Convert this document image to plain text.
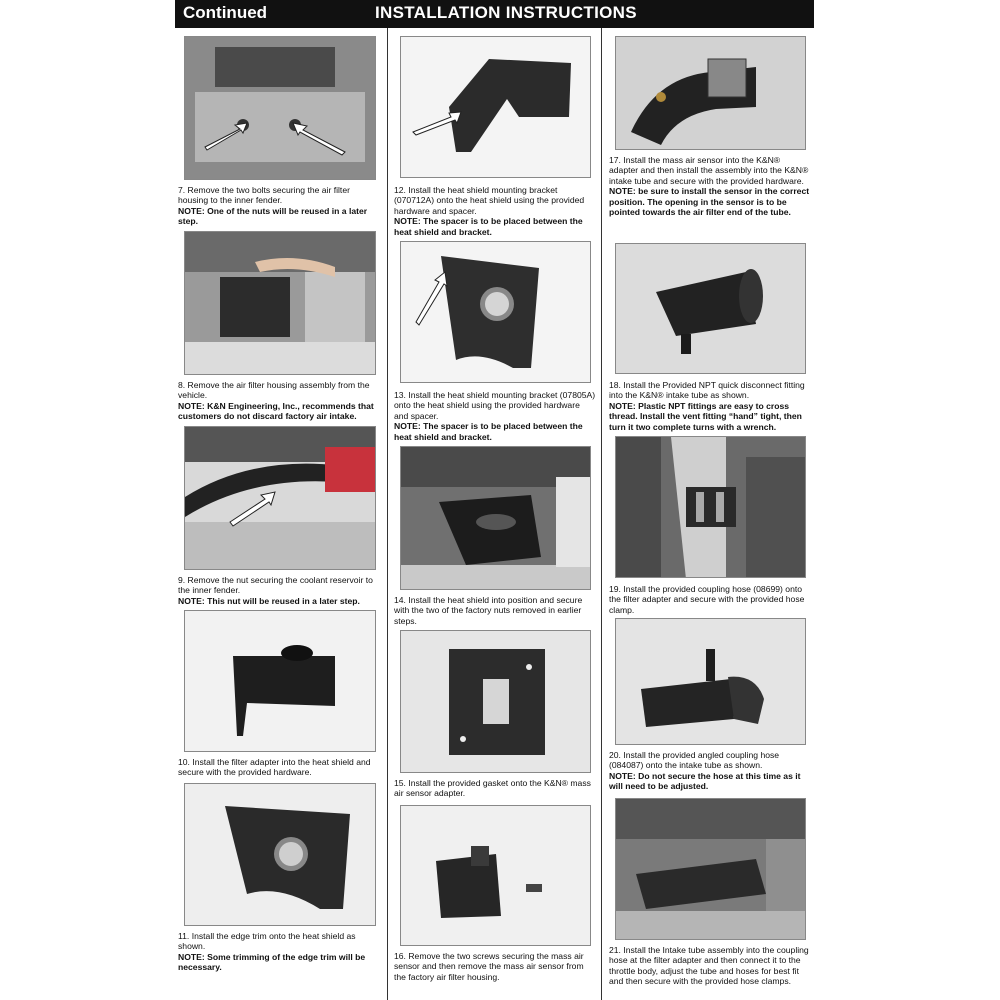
Continued	INSTALLATION INSTRUCTIONS
7. Remove the two bolts securing the air filter housing to the inner fender.
NOTE: One of the nuts will be reused in a later step.
8. Remove the air filter housing assembly from the vehicle.
NOTE: K&N Engineering, Inc., recommends that customers do not discard factory air intake.
9. Remove the nut securing the coolant reservoir to the inner fender.
NOTE: This nut will be reused in a later step.
10. Install the filter adapter into the heat shield and secure with the provided hardware.
11. Install the edge trim onto the heat shield as shown.
NOTE: Some trimming of the edge trim will be necessary.
12. Install the heat shield mounting bracket (070712A) onto the heat shield using the provided hardware and spacer.
NOTE: The spacer is to be placed between the heat shield and bracket.
13. Install the heat shield mounting bracket (07805A) onto the heat shield using the provided hardware and spacer.
NOTE: The spacer is to be placed between the heat shield and bracket.
14. Install the heat shield into position and secure with the two of the factory nuts removed in earlier steps.
15. Install the provided gasket onto the K&N® mass air sensor adapter.
16. Remove the two screws securing the mass air sensor and then remove the mass air sensor from the factory air filter housing.
17. Install the mass air sensor into the K&N® adapter and then install the assembly into the K&N® intake tube and secure with the provided hardware.
NOTE: be sure to install the sensor in the correct position. The opening in the sensor is to be pointed towards the air filter end of the tube.
18. Install the Provided NPT quick disconnect fitting into the K&N® intake tube as shown.
NOTE: Plastic NPT fittings are easy to cross thread. Install the vent fitting “hand” tight, then turn it two complete turns with a wrench.
19. Install the provided coupling hose (08699) onto the filter adapter and secure with the provided hose clamp.
20. Install the provided angled coupling hose (084087) onto the intake tube as shown.
NOTE: Do not secure the hose at this time as it will need to be adjusted.
21. Install the Intake tube assembly into the coupling hose at the filter adapter and then connect it to the throttle body, adjust the tube and hoses for best fit and then secure with the provided hose clamps.
